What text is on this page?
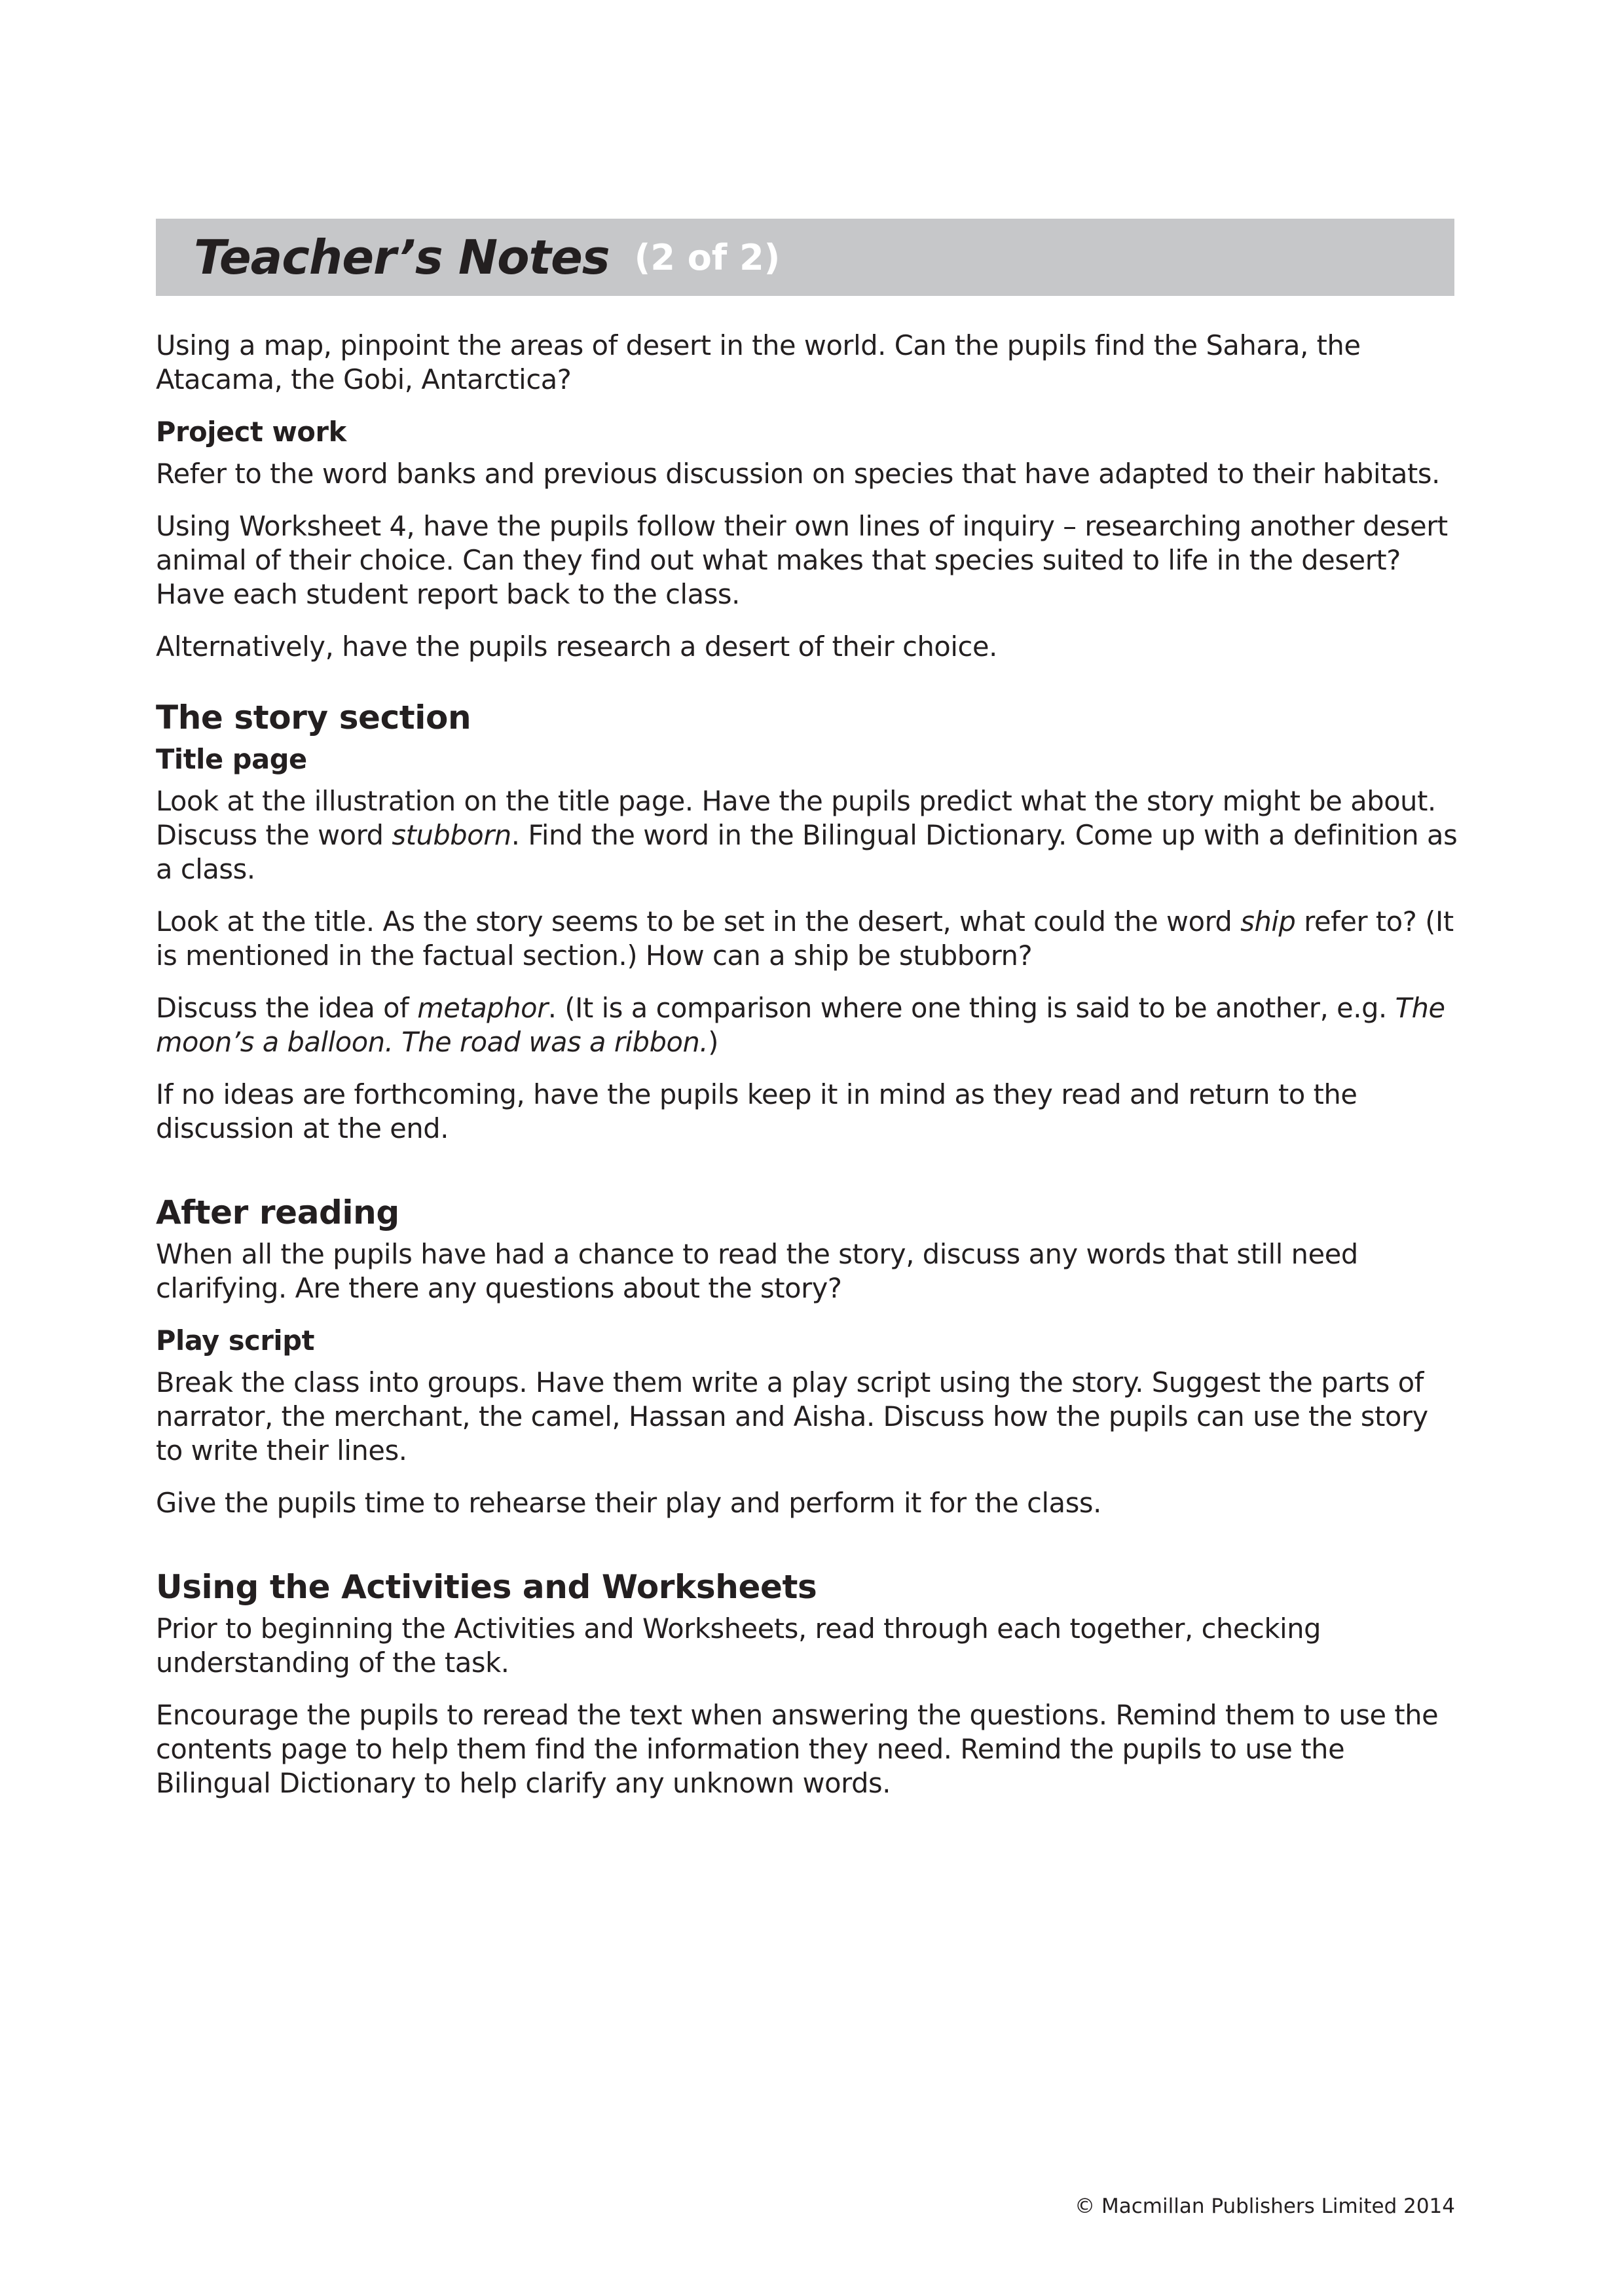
Teacher’s Notes (2 of 2)

Using a map, pinpoint the areas of desert in the world. Can the pupils find the Sahara, the Atacama, the Gobi, Antarctica?

Project work

Refer to the word banks and previous discussion on species that have adapted to their habitats.

Using Worksheet 4, have the pupils follow their own lines of inquiry – researching another desert animal of their choice. Can they find out what makes that species suited to life in the desert? Have each student report back to the class.

Alternatively, have the pupils research a desert of their choice.

The story section
Title page

Look at the illustration on the title page. Have the pupils predict what the story might be about. Discuss the word stubborn. Find the word in the Bilingual Dictionary. Come up with a definition as a class.

Look at the title. As the story seems to be set in the desert, what could the word ship refer to? (It is mentioned in the factual section.) How can a ship be stubborn?

Discuss the idea of metaphor. (It is a comparison where one thing is said to be another, e.g. The moon’s a balloon. The road was a ribbon.)

If no ideas are forthcoming, have the pupils keep it in mind as they read and return to the discussion at the end.

After reading

When all the pupils have had a chance to read the story, discuss any words that still need clarifying. Are there any questions about the story?

Play script

Break the class into groups. Have them write a play script using the story. Suggest the parts of narrator, the merchant, the camel, Hassan and Aisha. Discuss how the pupils can use the story to write their lines.

Give the pupils time to rehearse their play and perform it for the class.

Using the Activities and Worksheets

Prior to beginning the Activities and Worksheets, read through each together, checking understanding of the task.

Encourage the pupils to reread the text when answering the questions. Remind them to use the contents page to help them find the information they need. Remind the pupils to use the Bilingual Dictionary to help clarify any unknown words.

© Macmillan Publishers Limited 2014
